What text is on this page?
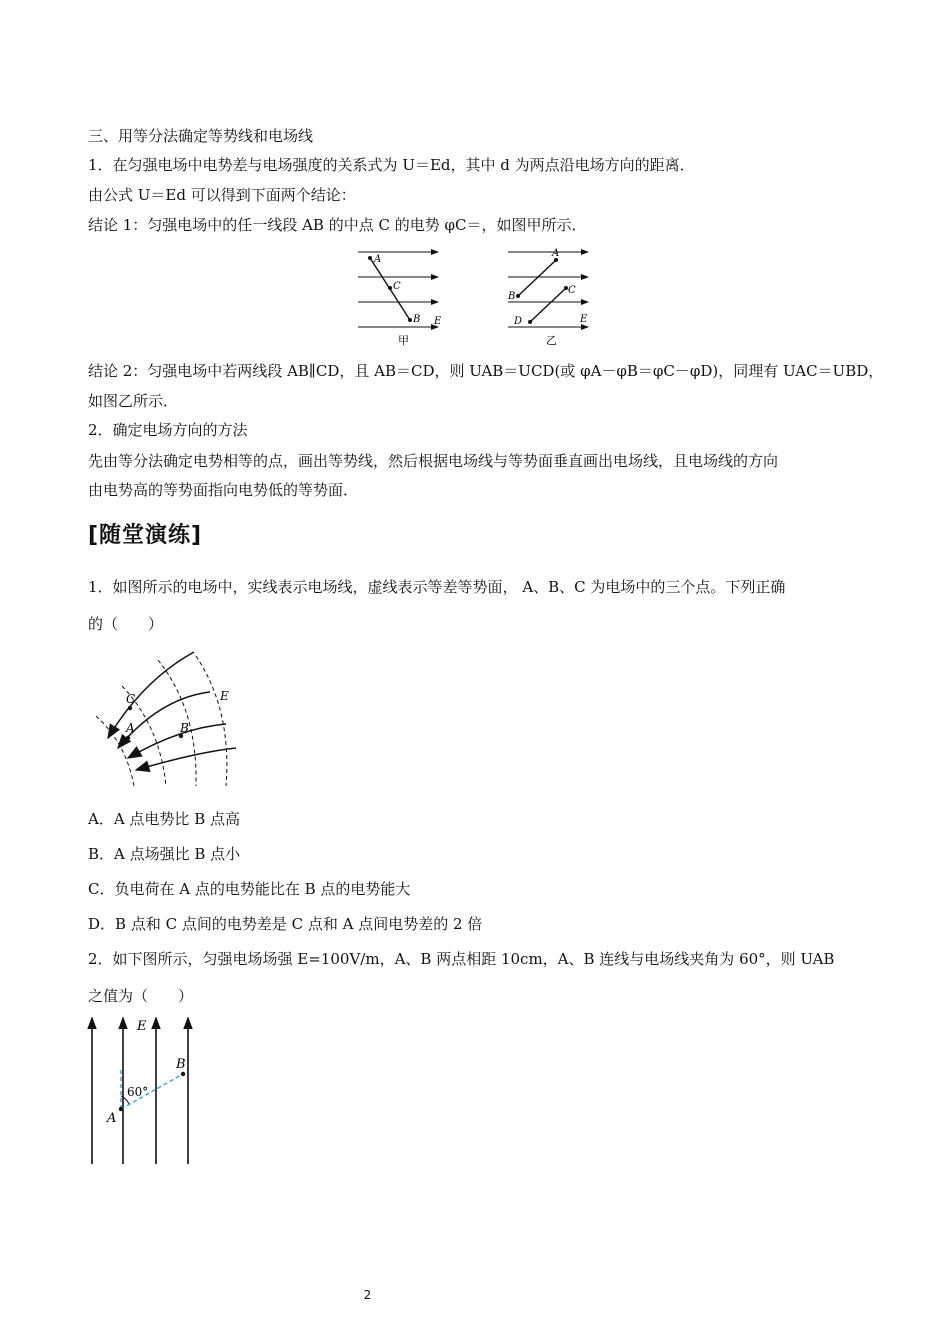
三、用等分法确定等势线和电场线
1．在匀强电场中电势差与电场强度的关系式为 U＝Ed，其中 d 为两点沿电场方向的距离．
由公式 U＝Ed 可以得到下面两个结论：
结论 1：匀强电场中的任一线段 AB 的中点 C 的电势 φC＝，如图甲所示．
A
C
B E
甲
A
B
C
D	E
乙
结论 2：匀强电场中若两线段 AB∥CD，且 AB＝CD，则 UAB＝UCD(或 φA－φB＝φC－φD)，同理有 UAC＝UBD，
如图乙所示．
2．确定电场方向的方法
先由等分法确定电势相等的点，画出等势线，然后根据电场线与等势面垂直画出电场线，且电场线的方向
由电势高的等势面指向电势低的等势面．
[随堂演练]
1．如图所示的电场中，实线表示电场线，虚线表示等差等势面， A、B、C 为电场中的三个点。下列正确
的（　　）
C
A	B
E
A．A 点电势比 B 点高
B．A 点场强比 B 点小
C．负电荷在 A 点的电势能比在 B 点的电势能大
D．B 点和 C 点间的电势差是 C 点和 A 点间电势差的 2 倍
2．如下图所示，匀强电场场强 E=100V/m，A、B 两点相距 10cm，A、B 连线与电场线夹角为 60°，则 UAB
之值为（　　）
E
B
A
60°
2
